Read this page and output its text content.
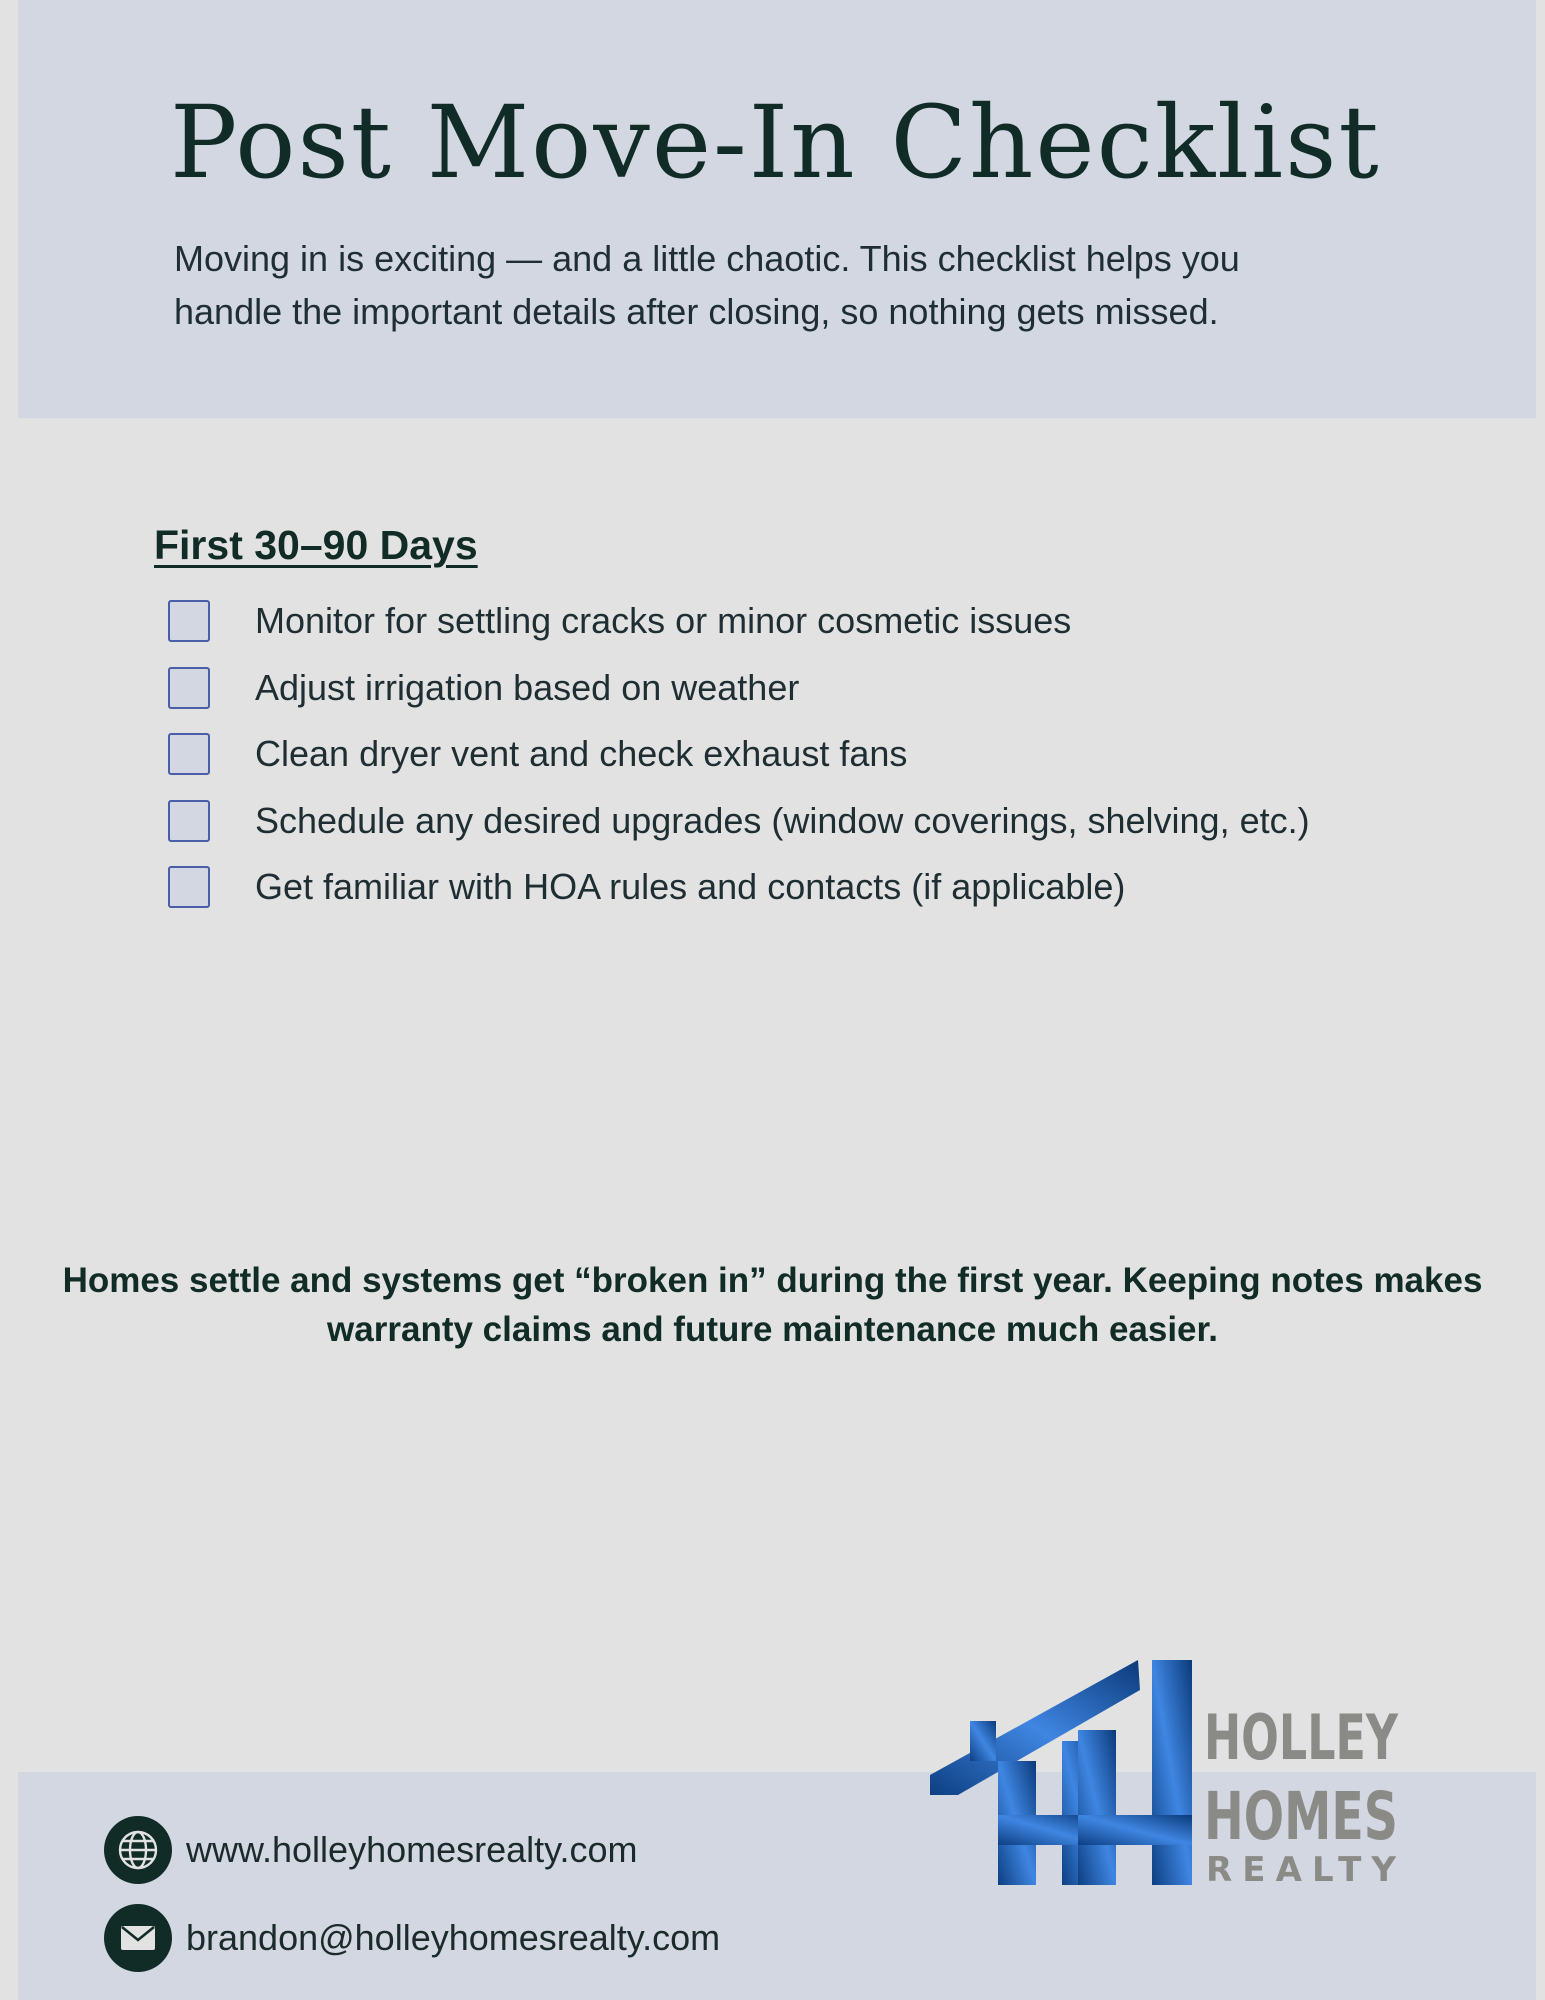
Post Move-In Checklist

Moving in is exciting — and a little chaotic. This checklist helps you handle the important details after closing, so nothing gets missed.

First 30–90 Days
Monitor for settling cracks or minor cosmetic issues
Adjust irrigation based on weather
Clean dryer vent and check exhaust fans
Schedule any desired upgrades (window coverings, shelving, etc.)
Get familiar with HOA rules and contacts (if applicable)

Homes settle and systems get “broken in” during the first year. Keeping notes makes warranty claims and future maintenance much easier.

www.holleyhomesrealty.com
brandon@holleyhomesrealty.com
HOLLEY
HOMES
REALTY
